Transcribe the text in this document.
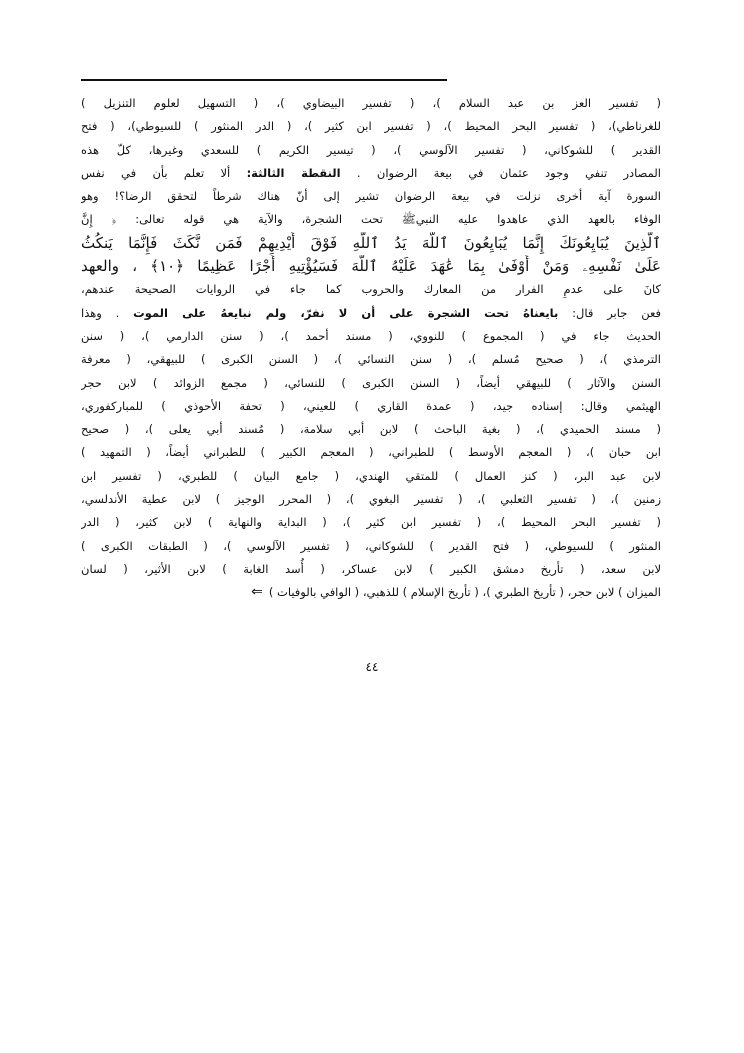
( تفسير العز بن عبد السلام )، ( تفسير البيضاوي )، ( التسهيل لعلوم التنزيل )
للغرناطي)، ( تفسير البحر المحيط )، ( تفسير ابن كثير )، ( الدر المنثور ) للسيوطي)، ( فتح
القدير ) للشوكاني، ( تفسير الآلوسي )، ( تيسير الكريم ) للسعدي وغيرها، كلّ هذه
المصادر تنفي وجود عثمان في بيعة الرضوان . النقطة الثالثة: ألا تعلم بأن في نفس
السورة آية أخرى نزلت في بيعة الرضوان تشير إلى أنّ هناك شرطاً لتحقق الرضا؟! وهو
الوفاء بالعهد الذي عاهدوا عليه النبيﷺ تحت الشجرة، والآية هي قوله تعالى: ﴿ إِنَّ
ٱلَّذِينَ يُبَايِعُونَكَ إِنَّمَا يُبَايِعُونَ ٱللَّهَ يَدُ ٱللَّهِ فَوْقَ أَيْدِيهِمْ فَمَن نَّكَثَ فَإِنَّمَا يَنكُثُ
عَلَىٰ نَفْسِهِۦ وَمَنْ أَوْفَىٰ بِمَا عَٰهَدَ عَلَيْهُ ٱللَّهَ فَسَيُؤْتِيهِ أَجْرًا عَظِيمًا ﴿١٠﴾ ، والعهد
كانَ على عدمِ الفرار من المعارك والحروب كما جاء في الروايات الصحيحة عندهم،
فعن جابر قال: بايعناهُ تحت الشجرة على أن لا نفرّ، ولم نبايعهُ على الموت . وهذا
الحديث جاء في ( المجموع ) للنووي، ( مسند أحمد )، ( سنن الدارمي )، ( سنن
الترمذي )، ( صحيح مُسلم )، ( سنن النسائي )، ( السنن الكبرى ) للبيهقي، ( معرفة
السنن والآثار ) للبيهقي أيضاً، ( السنن الكبرى ) للنسائي، ( مجمع الزوائد ) لابن حجر
الهيثمي وقال: إسناده جيد، ( عمدة القاري ) للعيني، ( تحفة الأحوذي ) للمباركفوري،
( مسند الحميدي )، ( بغية الباحث ) لابن أبي سلامة، ( مُسند أبي يعلى )، ( صحيح
ابن حبان )، ( المعجم الأوسط ) للطبراني، ( المعجم الكبير ) للطبراني أيضاً، ( التمهيد )
لابن عبد البر، ( كنز العمال ) للمتقي الهندي، ( جامع البيان ) للطبري، ( تفسير ابن
زمنين )، ( تفسير الثعلبي )، ( تفسير البغوي )، ( المحرر الوجيز ) لابن عطية الأندلسي،
( تفسير البحر المحيط )، ( تفسير ابن كثير )، ( البداية والنهاية ) لابن كثير، ( الدر
المنثور ) للسيوطي، ( فتح القدير ) للشوكاني، ( تفسير الآلوسي )، ( الطبقات الكبرى )
لابن سعد، ( تأريخ دمشق الكبير ) لابن عساكر، ( أُسد الغابة ) لابن الأثير، ( لسان
الميزان ) لابن حجر، ( تأريخ الطبري )، ( تأريخ الإسلام ) للذهبي، ( الوافي بالوفيات )⇐
٤٤
